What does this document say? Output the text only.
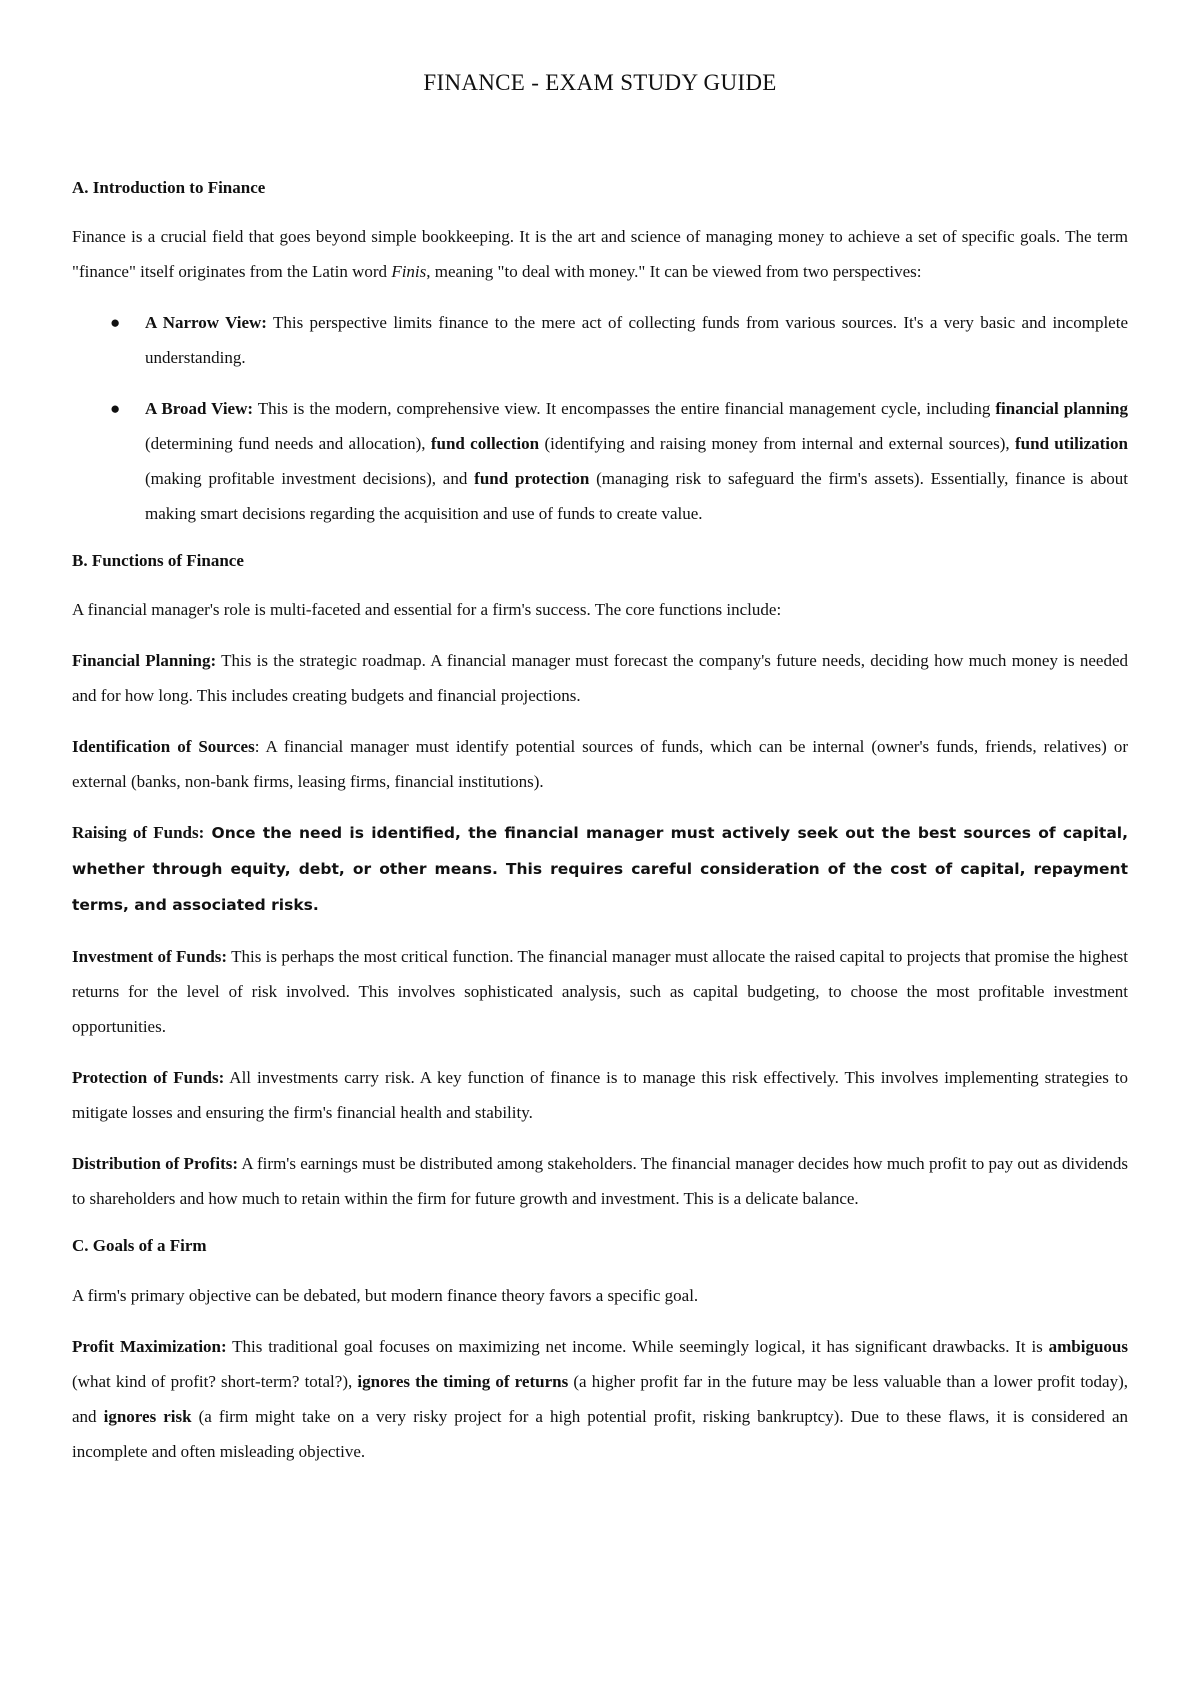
FINANCE - EXAM STUDY GUIDE
A. Introduction to Finance

Finance is a crucial field that goes beyond simple bookkeeping. It is the art and science of managing money to achieve a set of specific goals. The term "finance" itself originates from the Latin word Finis, meaning "to deal with money." It can be viewed from two perspectives:

● A Narrow View: This perspective limits finance to the mere act of collecting funds from various sources. It's a very basic and incomplete understanding.
● A Broad View: This is the modern, comprehensive view. It encompasses the entire financial management cycle, including financial planning (determining fund needs and allocation), fund collection (identifying and raising money from internal and external sources), fund utilization (making profitable investment decisions), and fund protection (managing risk to safeguard the firm's assets). Essentially, finance is about making smart decisions regarding the acquisition and use of funds to create value.
B. Functions of Finance

A financial manager's role is multi-faceted and essential for a firm's success. The core functions include:

Financial Planning: This is the strategic roadmap. A financial manager must forecast the company's future needs, deciding how much money is needed and for how long. This includes creating budgets and financial projections.

Identification of Sources: A financial manager must identify potential sources of funds, which can be internal (owner's funds, friends, relatives) or external (banks, non-bank firms, leasing firms, financial institutions).

Raising of Funds: Once the need is identified, the financial manager must actively seek out the best sources of capital, whether through equity, debt, or other means. This requires careful consideration of the cost of capital, repayment terms, and associated risks.

Investment of Funds: This is perhaps the most critical function. The financial manager must allocate the raised capital to projects that promise the highest returns for the level of risk involved. This involves sophisticated analysis, such as capital budgeting, to choose the most profitable investment opportunities.

Protection of Funds: All investments carry risk. A key function of finance is to manage this risk effectively. This involves implementing strategies to mitigate losses and ensuring the firm's financial health and stability.

Distribution of Profits: A firm's earnings must be distributed among stakeholders. The financial manager decides how much profit to pay out as dividends to shareholders and how much to retain within the firm for future growth and investment. This is a delicate balance.

C. Goals of a Firm

A firm's primary objective can be debated, but modern finance theory favors a specific goal.

Profit Maximization: This traditional goal focuses on maximizing net income. While seemingly logical, it has significant drawbacks. It is ambiguous (what kind of profit? short-term? total?), ignores the timing of returns (a higher profit far in the future may be less valuable than a lower profit today), and ignores risk (a firm might take on a very risky project for a high potential profit, risking bankruptcy). Due to these flaws, it is considered an incomplete and often misleading objective.
